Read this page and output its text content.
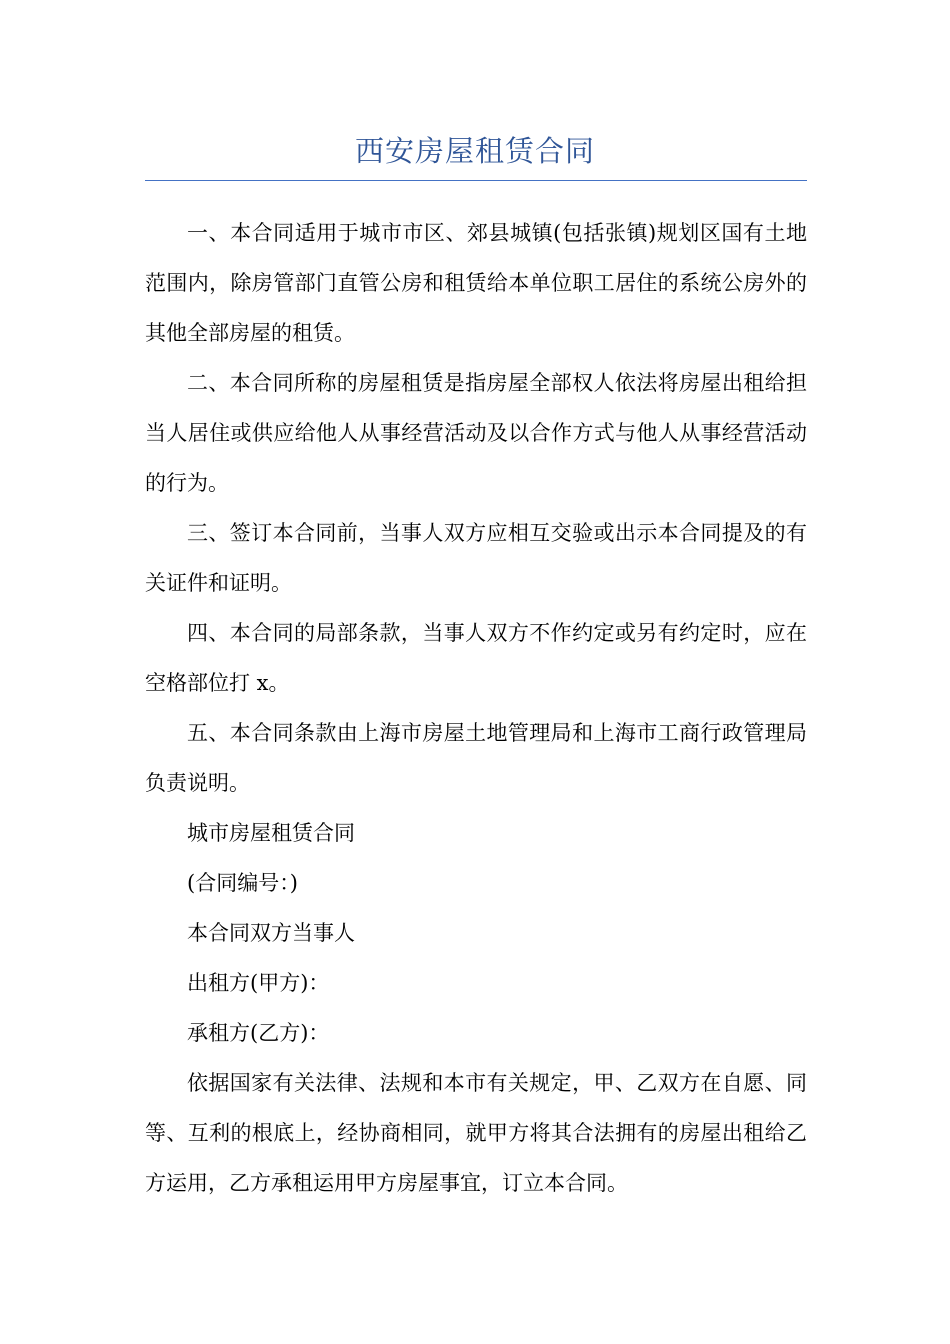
西安房屋租赁合同

一、本合同适用于城市市区、郊县城镇(包括张镇)规划区国有土地范围内，除房管部门直管公房和租赁给本单位职工居住的系统公房外的其他全部房屋的租赁。

二、本合同所称的房屋租赁是指房屋全部权人依法将房屋出租给担当人居住或供应给他人从事经营活动及以合作方式与他人从事经营活动的行为。

三、签订本合同前，当事人双方应相互交验或出示本合同提及的有关证件和证明。

四、本合同的局部条款，当事人双方不作约定或另有约定时，应在空格部位打 x。

五、本合同条款由上海市房屋土地管理局和上海市工商行政管理局负责说明。

城市房屋租赁合同

(合同编号：)

本合同双方当事人

出租方(甲方)：

承租方(乙方)：

依据国家有关法律、法规和本市有关规定，甲、乙双方在自愿、同等、互利的根底上，经协商相同，就甲方将其合法拥有的房屋出租给乙方运用，乙方承租运用甲方房屋事宜，订立本合同。
